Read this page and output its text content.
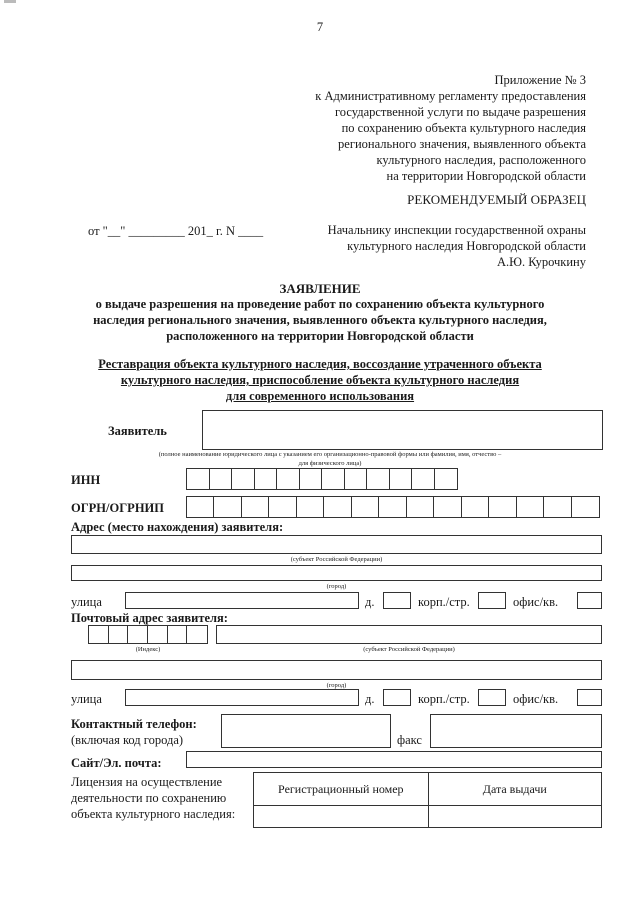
7
Приложение № 3
к Административному регламенту предоставления
государственной услуги по выдаче разрешения
по сохранению объекта культурного наследия
регионального значения, выявленного объекта
культурного наследия, расположенного
на территории Новгородской области
РЕКОМЕНДУЕМЫЙ ОБРАЗЕЦ
от "__" _________ 201_ г. N ____	Начальнику инспекции государственной охраны
культурного наследия Новгородской области
А.Ю. Курочкину
ЗАЯВЛЕНИЕ
о выдаче разрешения на проведение работ по сохранению объекта культурного
наследия регионального значения, выявленного объекта культурного наследия,
расположенного на территории Новгородской области
Реставрация объекта культурного наследия, воссоздание утраченного объекта
культурного наследия, приспособление объекта культурного наследия
для современного использования
Заявитель
(полное наименование юридического лица с указанием его организационно-правовой формы или фамилия, имя, отчество –
для физического лица)
ИНН
ОГРН/ОГРНИП
Адрес (место нахождения) заявителя:
(субъект Российской Федерации)
(город)
улица	д.	корп./стр.	офис/кв.
Почтовый адрес заявителя:
(Индекс)	(субъект Российской Федерации)
(город)
улица	д.	корп./стр.	офис/кв.
Контактный телефон:
(включая код города)	факс
Сайт/Эл. почта:
Лицензия на осуществление
деятельности по сохранению
объекта культурного наследия:
Регистрационный номер	Дата выдачи
